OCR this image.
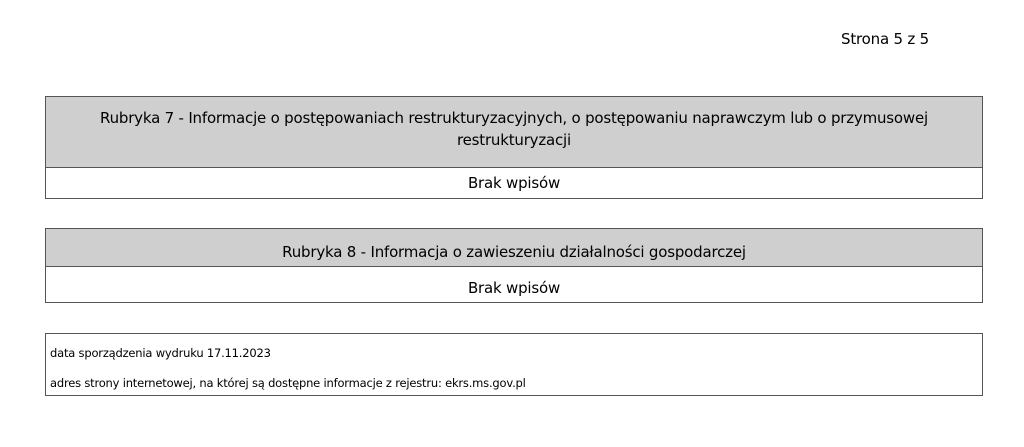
Strona 5 z 5
Rubryka 7 - Informacje o postępowaniach restrukturyzacyjnych, o postępowaniu naprawczym lub o przymusowej restrukturyzacji
Brak wpisów
Rubryka 8 - Informacja o zawieszeniu działalności gospodarczej
Brak wpisów
data sporządzenia wydruku 17.11.2023
adres strony internetowej, na której są dostępne informacje z rejestru: ekrs.ms.gov.pl
